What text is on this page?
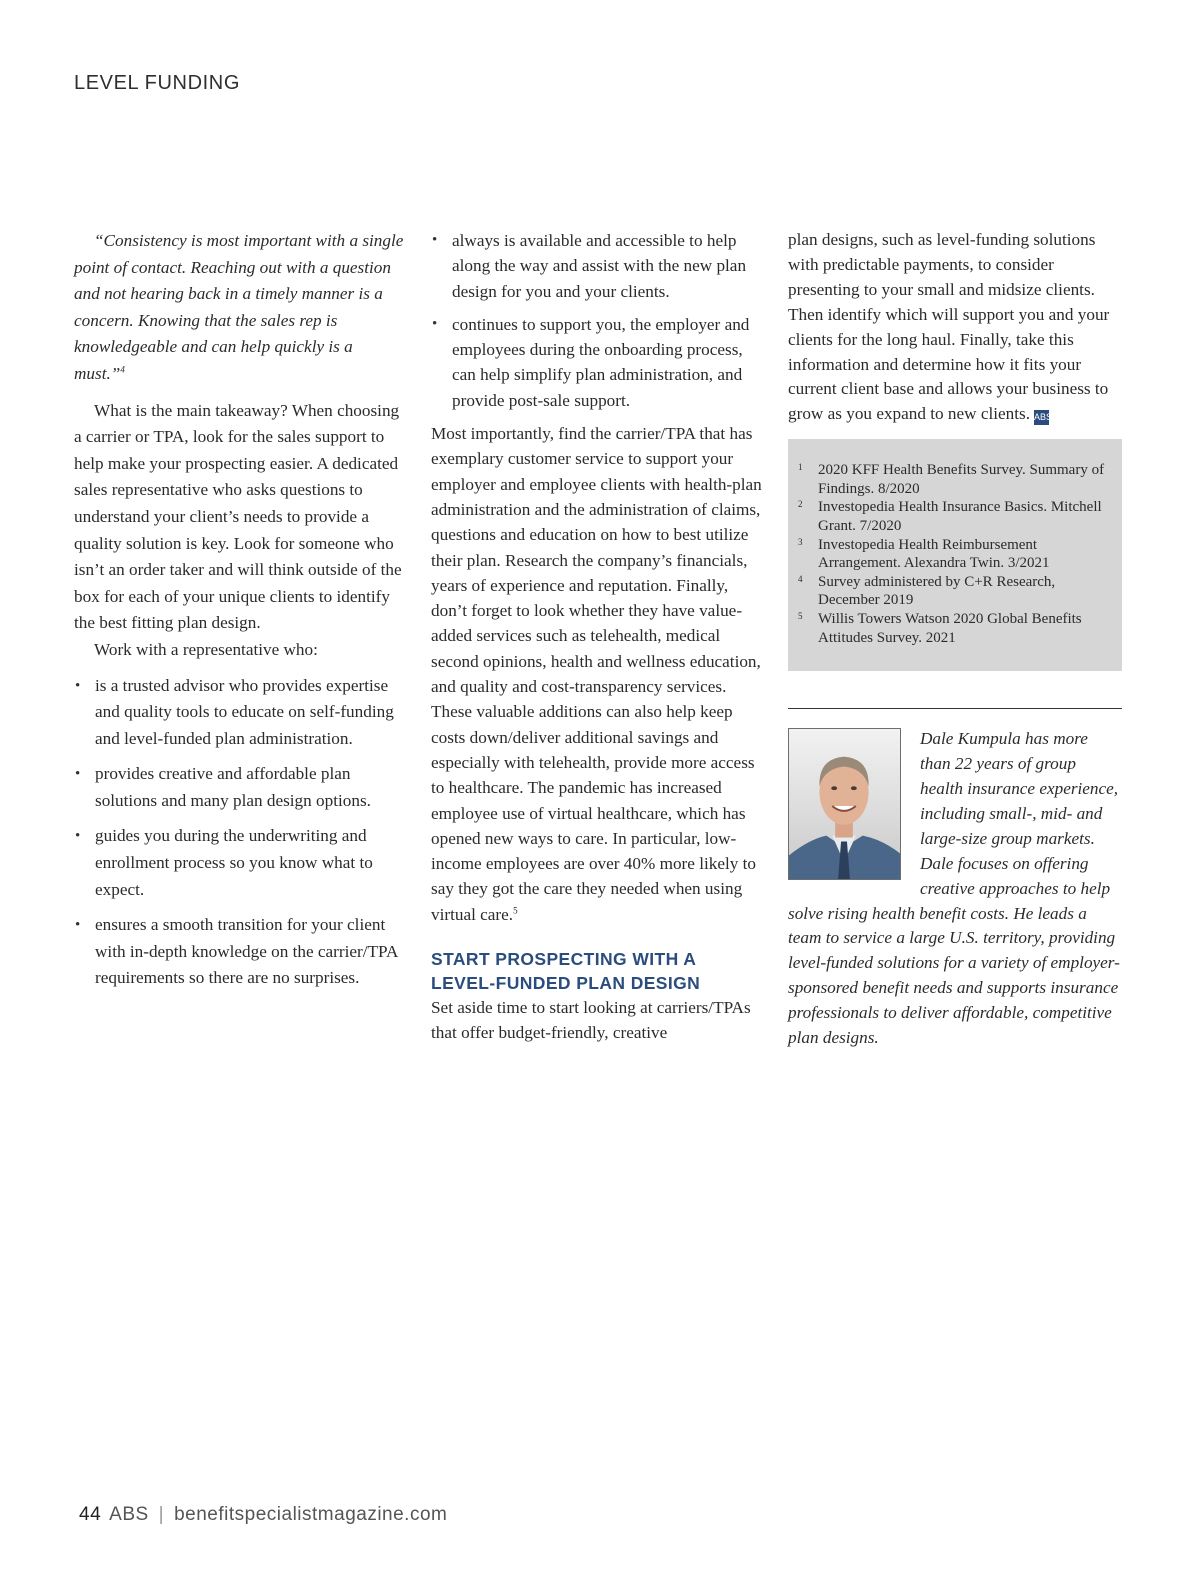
LEVEL FUNDING

“Consistency is most important with a single point of contact. Reaching out with a question and not hearing back in a timely manner is a concern. Knowing that the sales rep is knowledgeable and can help quickly is a must.”$^4$

What is the main takeaway? When choosing a carrier or TPA, look for the sales support to help make your prospecting easier. A dedicated sales representative who asks questions to understand your client’s needs to provide a quality solution is key. Look for someone who isn’t an order taker and will think outside of the box for each of your unique clients to identify the best fitting plan design.

Work with a representative who:

• is a trusted advisor who provides expertise and quality tools to educate on self-funding and level-funded plan administration.
• provides creative and affordable plan solutions and many plan design options.
• guides you during the underwriting and enrollment process so you know what to expect.
• ensures a smooth transition for your client with in-depth knowledge on the carrier/TPA requirements so there are no surprises.
• always is available and accessible to help along the way and assist with the new plan design for you and your clients.
• continues to support you, the employer and employees during the onboarding process, can help simplify plan administration, and provide post-sale support.

Most importantly, find the carrier/TPA that has exemplary customer service to support your employer and employee clients with health-plan administration and the administration of claims, questions and education on how to best utilize their plan. Research the company’s financials, years of experience and reputation. Finally, don’t forget to look whether they have value-added services such as telehealth, medical second opinions, health and wellness education, and quality and cost-transparency services. These valuable additions can also help keep costs down/deliver additional savings and especially with telehealth, provide more access to healthcare. The pandemic has increased employee use of virtual healthcare, which has opened new ways to care. In particular, low-income employees are over 40% more likely to say they got the care they needed when using virtual care.$^5$

START PROSPECTING WITH A LEVEL-FUNDED PLAN DESIGN

Set aside time to start looking at carriers/TPAs that offer budget-friendly, creative

plan designs, such as level-funding solutions with predictable payments, to consider presenting to your small and midsize clients. Then identify which will support you and your clients for the long haul. Finally, take this information and determine how it fits your current client base and allows your business to grow as you expand to new clients. ABS

1 2020 KFF Health Benefits Survey. Summary of Findings. 8/2020
2 Investopedia Health Insurance Basics. Mitchell Grant. 7/2020
3 Investopedia Health Reimbursement Arrangement. Alexandra Twin. 3/2021
4 Survey administered by C+R Research, December 2019
5 Willis Towers Watson 2020 Global Benefits Attitudes Survey. 2021
Dale Kumpula has more than 22 years of group health insurance experience, including small-, mid- and large-size group markets. Dale focuses on offering creative approaches to help solve rising health benefit costs. He leads a team to service a large U.S. territory, providing level-funded solutions for a variety of employer-sponsored benefit needs and supports insurance professionals to deliver affordable, competitive plan designs.
44 ABS | benefitspecialistmagazine.com
